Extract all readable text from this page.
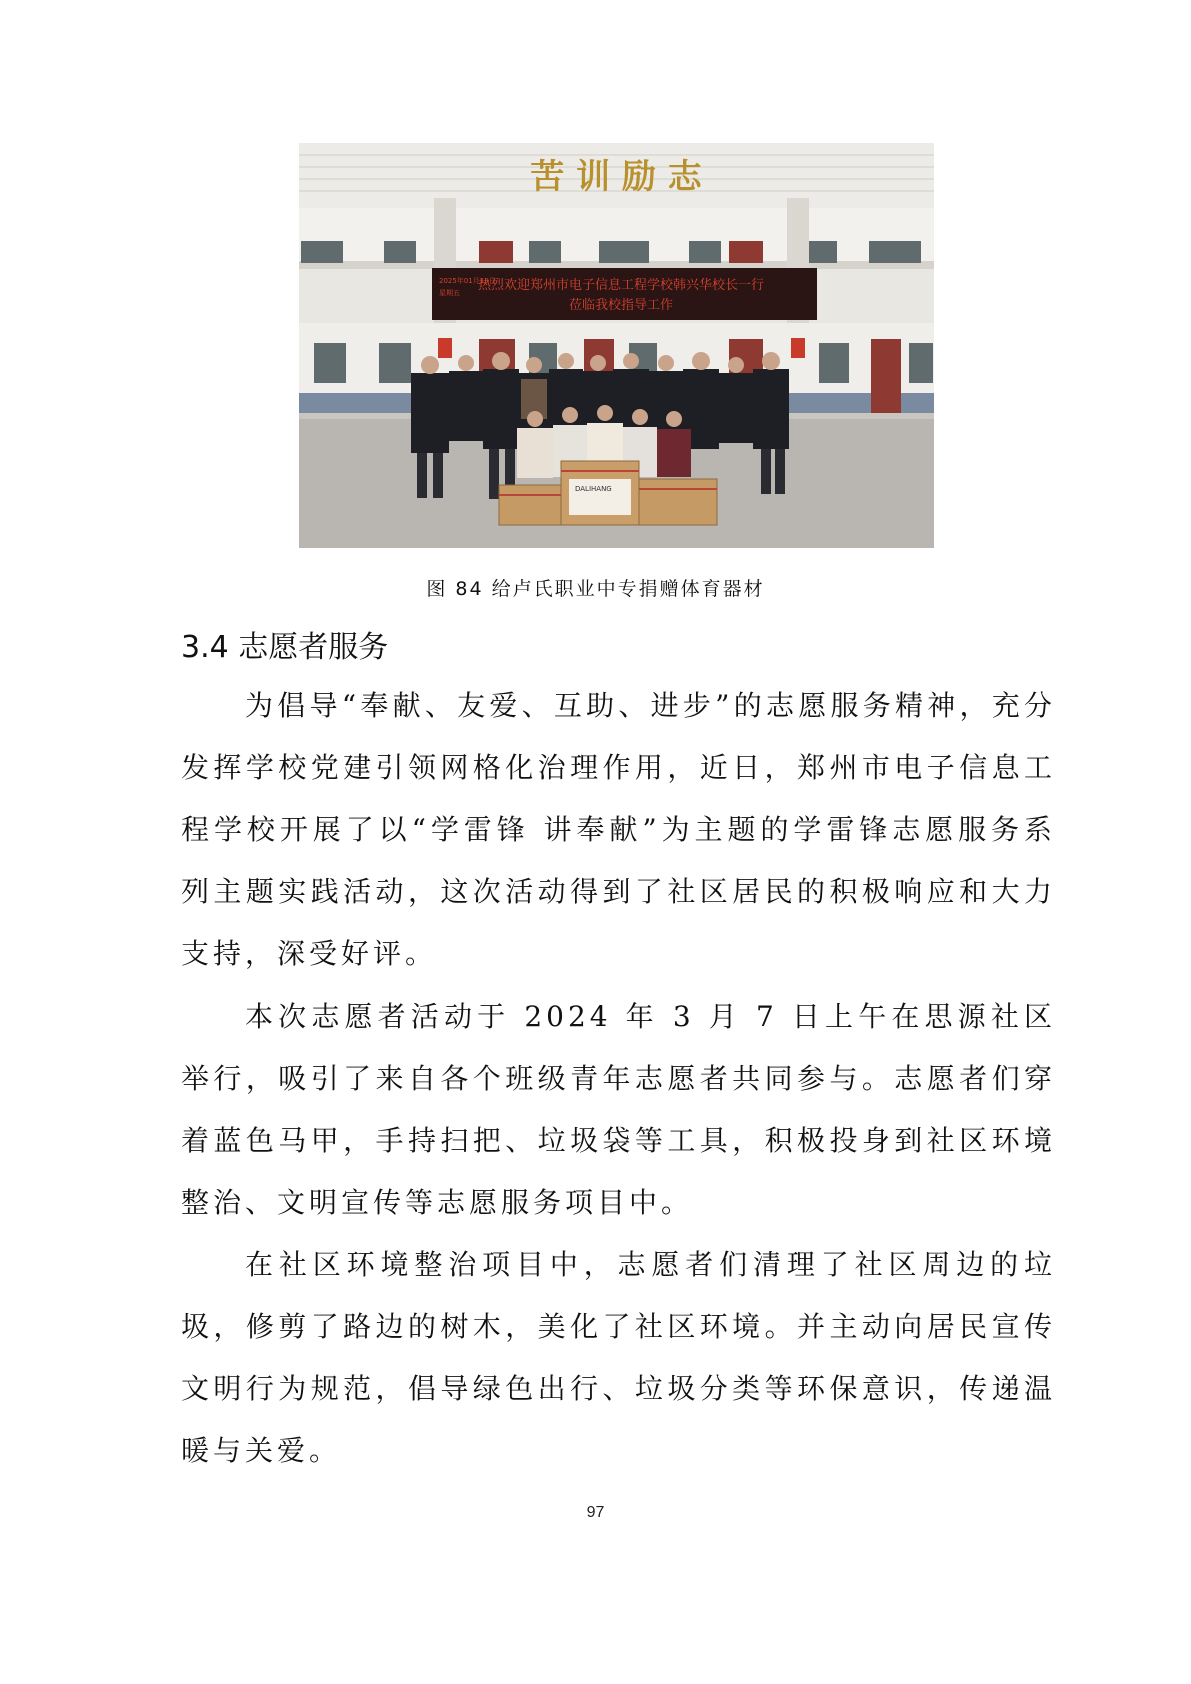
苦 训 励 志
热烈欢迎郑州市电子信息工程学校韩兴华校长一行
莅临我校指导工作
2025年01月13日
星期五
DALIHANG
图 84 给卢氏职业中专捐赠体育器材
3.4 志愿者服务

为倡导“奉献、友爱、互助、进步”的志愿服务精神，充分发挥学校党建引领网格化治理作用，近日，郑州市电子信息工程学校开展了以“学雷锋 讲奉献”为主题的学雷锋志愿服务系列主题实践活动，这次活动得到了社区居民的积极响应和大力支持，深受好评。

本次志愿者活动于 2024 年 3 月 7 日上午在思源社区举行，吸引了来自各个班级青年志愿者共同参与。志愿者们穿着蓝色马甲，手持扫把、垃圾袋等工具，积极投身到社区环境整治、文明宣传等志愿服务项目中。

在社区环境整治项目中，志愿者们清理了社区周边的垃圾，修剪了路边的树木，美化了社区环境。并主动向居民宣传文明行为规范，倡导绿色出行、垃圾分类等环保意识，传递温暖与关爱。

97
